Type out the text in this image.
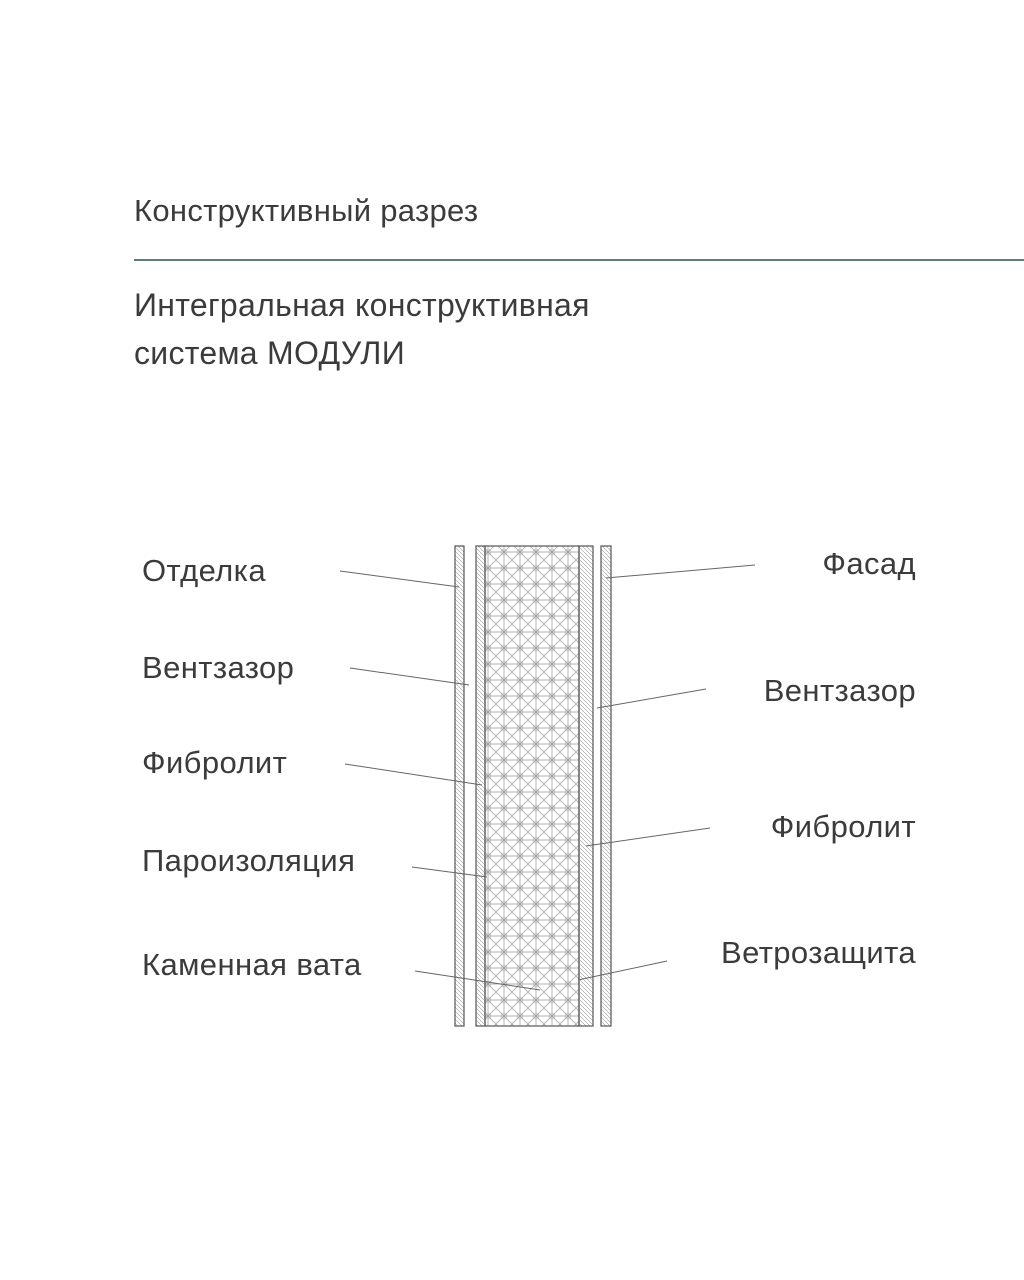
Конструктивный разрез
Интегральная конструктивная
система МОДУЛИ
Отделка
Вентзазор
Фибролит
Пароизоляция
Каменная вата
Фасад
Вентзазор
Фибролит
Ветрозащита
